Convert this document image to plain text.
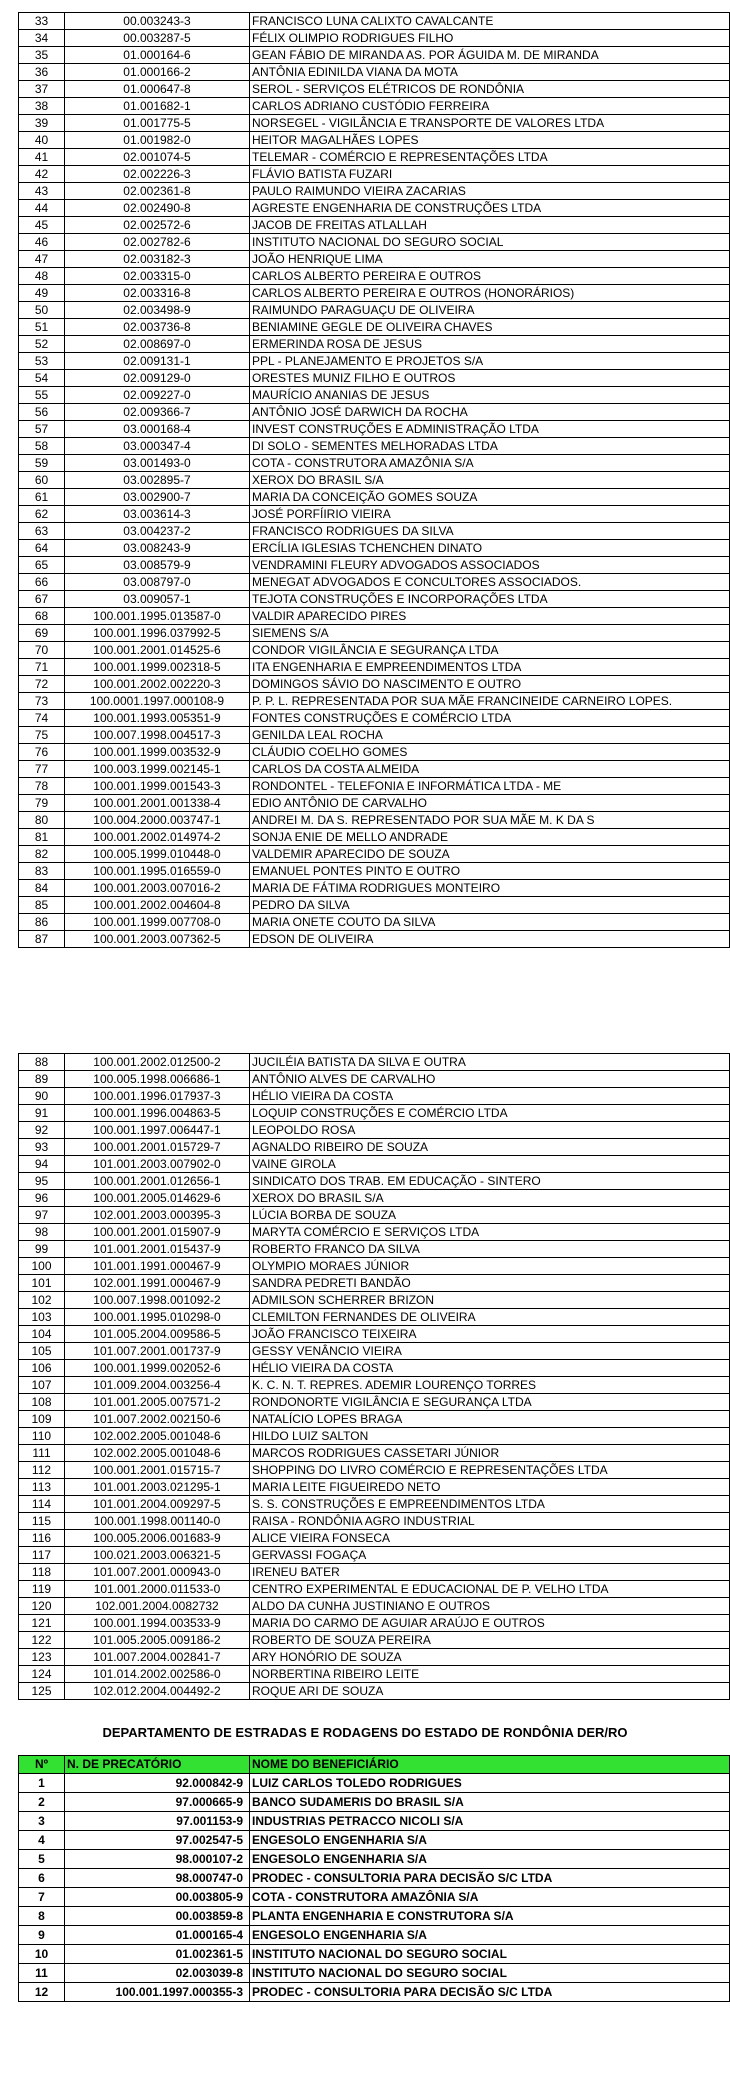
33	00.003243-3	FRANCISCO LUNA CALIXTO CAVALCANTE
34	00.003287-5	FÉLIX OLIMPIO RODRIGUES FILHO
35	01.000164-6	GEAN FÁBIO DE MIRANDA AS. POR ÁGUIDA M. DE MIRANDA
36	01.000166-2	ANTÔNIA EDINILDA VIANA DA MOTA
37	01.000647-8	SEROL - SERVIÇOS ELÉTRICOS DE RONDÔNIA
38	01.001682-1	CARLOS ADRIANO CUSTÓDIO FERREIRA
39	01.001775-5	NORSEGEL - VIGILÂNCIA E TRANSPORTE DE VALORES LTDA
40	01.001982-0	HEITOR MAGALHÃES LOPES
41	02.001074-5	TELEMAR - COMÉRCIO E REPRESENTAÇÕES LTDA
42	02.002226-3	FLÁVIO BATISTA FUZARI
43	02.002361-8	PAULO RAIMUNDO VIEIRA ZACARIAS
44	02.002490-8	AGRESTE ENGENHARIA DE CONSTRUÇÕES LTDA
45	02.002572-6	JACOB DE FREITAS ATLALLAH
46	02.002782-6	INSTITUTO NACIONAL DO SEGURO SOCIAL
47	02.003182-3	JOÃO HENRIQUE LIMA
48	02.003315-0	CARLOS ALBERTO PEREIRA E OUTROS
49	02.003316-8	CARLOS ALBERTO PEREIRA E OUTROS (HONORÁRIOS)
50	02.003498-9	RAIMUNDO PARAGUAÇU DE OLIVEIRA
51	02.003736-8	BENIAMINE GEGLE DE OLIVEIRA CHAVES
52	02.008697-0	ERMERINDA ROSA DE JESUS
53	02.009131-1	PPL - PLANEJAMENTO E PROJETOS S/A
54	02.009129-0	ORESTES MUNIZ FILHO E OUTROS
55	02.009227-0	MAURÍCIO ANANIAS DE JESUS
56	02.009366-7	ANTÔNIO JOSÉ DARWICH DA ROCHA
57	03.000168-4	INVEST CONSTRUÇÕES E ADMINISTRAÇÃO LTDA
58	03.000347-4	DI SOLO - SEMENTES MELHORADAS LTDA
59	03.001493-0	COTA - CONSTRUTORA AMAZÔNIA S/A
60	03.002895-7	XEROX DO BRASIL S/A
61	03.002900-7	MARIA DA CONCEIÇÃO GOMES SOUZA
62	03.003614-3	JOSÉ PORFÍIRIO VIEIRA
63	03.004237-2	FRANCISCO RODRIGUES DA SILVA
64	03.008243-9	ERCÍLIA IGLESIAS TCHENCHEN DINATO
65	03.008579-9	VENDRAMINI FLEURY ADVOGADOS ASSOCIADOS
66	03.008797-0	MENEGAT ADVOGADOS E CONCULTORES ASSOCIADOS.
67	03.009057-1	TEJOTA CONSTRUÇÕES E INCORPORAÇÕES LTDA
68	100.001.1995.013587-0	VALDIR APARECIDO PIRES
69	100.001.1996.037992-5	SIEMENS S/A
70	100.001.2001.014525-6	CONDOR VIGILÂNCIA E SEGURANÇA LTDA
71	100.001.1999.002318-5	ITA ENGENHARIA E EMPREENDIMENTOS LTDA
72	100.001.2002.002220-3	DOMINGOS SÁVIO DO NASCIMENTO E OUTRO
73	100.0001.1997.000108-9	P. P. L. REPRESENTADA POR SUA MÃE FRANCINEIDE CARNEIRO LOPES.
74	100.001.1993.005351-9	FONTES CONSTRUÇÕES E COMÉRCIO LTDA
75	100.007.1998.004517-3	GENILDA LEAL ROCHA
76	100.001.1999.003532-9	CLÁUDIO COELHO GOMES
77	100.003.1999.002145-1	CARLOS DA COSTA ALMEIDA
78	100.001.1999.001543-3	RONDONTEL - TELEFONIA E INFORMÁTICA LTDA - ME
79	100.001.2001.001338-4	EDIO ANTÔNIO DE CARVALHO
80	100.004.2000.003747-1	ANDREI M. DA S. REPRESENTADO POR SUA MÃE M. K DA S
81	100.001.2002.014974-2	SONJA ENIE DE MELLO ANDRADE
82	100.005.1999.010448-0	VALDEMIR APARECIDO DE SOUZA
83	100.001.1995.016559-0	EMANUEL PONTES PINTO E OUTRO
84	100.001.2003.007016-2	MARIA DE FÁTIMA RODRIGUES MONTEIRO
85	100.001.2002.004604-8	PEDRO DA SILVA
86	100.001.1999.007708-0	MARIA ONETE COUTO DA SILVA
87	100.001.2003.007362-5	EDSON DE OLIVEIRA
88	100.001.2002.012500-2	JUCILÉIA BATISTA DA SILVA E OUTRA
89	100.005.1998.006686-1	ANTÔNIO ALVES DE CARVALHO
90	100.001.1996.017937-3	HÉLIO VIEIRA DA COSTA
91	100.001.1996.004863-5	LOQUIP CONSTRUÇÕES E COMÉRCIO LTDA
92	100.001.1997.006447-1	LEOPOLDO ROSA
93	100.001.2001.015729-7	AGNALDO RIBEIRO DE SOUZA
94	101.001.2003.007902-0	VAINE GIROLA
95	100.001.2001.012656-1	SINDICATO DOS TRAB. EM EDUCAÇÃO - SINTERO
96	100.001.2005.014629-6	XEROX DO BRASIL S/A
97	102.001.2003.000395-3	LÚCIA BORBA DE SOUZA
98	100.001.2001.015907-9	MARYTA COMÉRCIO E SERVIÇOS LTDA
99	101.001.2001.015437-9	ROBERTO FRANCO DA SILVA
100	101.001.1991.000467-9	OLYMPIO MORAES JÚNIOR
101	102.001.1991.000467-9	SANDRA PEDRETI BANDÃO
102	100.007.1998.001092-2	ADMILSON SCHERRER BRIZON
103	100.001.1995.010298-0	CLEMILTON FERNANDES DE OLIVEIRA
104	101.005.2004.009586-5	JOÃO FRANCISCO TEIXEIRA
105	101.007.2001.001737-9	GESSY VENÂNCIO VIEIRA
106	100.001.1999.002052-6	HÉLIO VIEIRA DA COSTA
107	101.009.2004.003256-4	K. C. N. T. REPRES. ADEMIR LOURENÇO TORRES
108	101.001.2005.007571-2	RONDONORTE VIGILÂNCIA E SEGURANÇA LTDA
109	101.007.2002.002150-6	NATALÍCIO LOPES BRAGA
110	102.002.2005.001048-6	HILDO LUIZ SALTON
111	102.002.2005.001048-6	MARCOS RODRIGUES CASSETARI JÚNIOR
112	100.001.2001.015715-7	SHOPPING DO LIVRO COMÉRCIO E REPRESENTAÇÕES LTDA
113	101.001.2003.021295-1	MARIA LEITE FIGUEIREDO NETO
114	101.001.2004.009297-5	S. S. CONSTRUÇÕES E EMPREENDIMENTOS LTDA
115	100.001.1998.001140-0	RAISA - RONDÔNIA AGRO INDUSTRIAL
116	100.005.2006.001683-9	ALICE VIEIRA FONSECA
117	100.021.2003.006321-5	GERVASSI FOGAÇA
118	101.007.2001.000943-0	IRENEU BATER
119	101.001.2000.011533-0	CENTRO EXPERIMENTAL E EDUCACIONAL DE P. VELHO LTDA
120	102.001.2004.0082732	ALDO DA CUNHA JUSTINIANO E OUTROS
121	100.001.1994.003533-9	MARIA DO CARMO DE AGUIAR ARAÚJO E OUTROS
122	101.005.2005.009186-2	ROBERTO DE SOUZA PEREIRA
123	101.007.2004.002841-7	ARY HONÓRIO DE SOUZA
124	101.014.2002.002586-0	NORBERTINA RIBEIRO LEITE
125	102.012.2004.004492-2	ROQUE ARI DE SOUZA
DEPARTAMENTO DE ESTRADAS E RODAGENS DO ESTADO DE RONDÔNIA DER/RO
Nº	N. DE PRECATÓRIO	NOME DO BENEFICIÁRIO
1	92.000842-9	LUIZ CARLOS TOLEDO RODRIGUES
2	97.000665-9	BANCO SUDAMERIS DO BRASIL S/A
3	97.001153-9	INDUSTRIAS PETRACCO NICOLI S/A
4	97.002547-5	ENGESOLO ENGENHARIA S/A
5	98.000107-2	ENGESOLO ENGENHARIA S/A
6	98.000747-0	PRODEC - CONSULTORIA PARA DECISÃO S/C LTDA
7	00.003805-9	COTA - CONSTRUTORA AMAZÔNIA S/A
8	00.003859-8	PLANTA ENGENHARIA E CONSTRUTORA S/A
9	01.000165-4	ENGESOLO ENGENHARIA S/A
10	01.002361-5	INSTITUTO NACIONAL DO SEGURO SOCIAL
11	02.003039-8	INSTITUTO NACIONAL DO SEGURO SOCIAL
12	100.001.1997.000355-3	PRODEC - CONSULTORIA PARA DECISÃO S/C LTDA
